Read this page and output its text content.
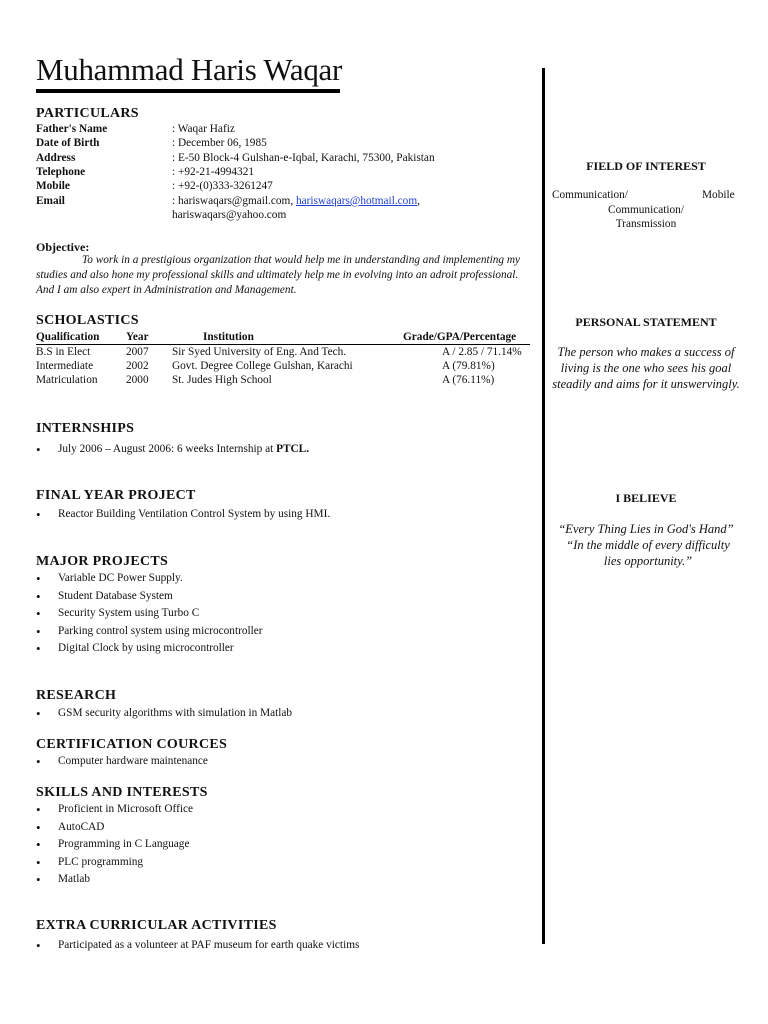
Muhammad Haris Waqar
PARTICULARS
Father's Name	: Waqar Hafiz
Date of Birth	: December 06, 1985
Address	: E-50 Block-4 Gulshan-e-Iqbal, Karachi, 75300, Pakistan
Telephone	: +92-21-4994321
Mobile	: +92-(0)333-3261247
Email	: hariswaqars@gmail.com, hariswaqars@hotmail.com,
hariswaqars@yahoo.com
Objective:
To work in a prestigious organization that would help me in understanding and implementing my studies and also hone my professional skills and ultimately help me in evolving into an adroit professional. And I am also expert in Administration and Management.
SCHOLASTICS
Qualification Year	Institution	Grade/GPA/Percentage
B.S in Elect	2007 Sir Syed University of Eng. And Tech.	A / 2.85 / 71.14%
Intermediate	2002 Govt. Degree College Gulshan, Karachi	A (79.81%)
Matriculation	2000 St. Judes High School	A (76.11%)
INTERNSHIPS
• July 2006 – August 2006: 6 weeks Internship at PTCL.
FINAL YEAR PROJECT
• Reactor Building Ventilation Control System by using HMI.
MAJOR PROJECTS
• Variable DC Power Supply.
• Student Database System
• Security System using Turbo C
• Parking control system using microcontroller
• Digital Clock by using microcontroller
RESEARCH
• GSM security algorithms with simulation in Matlab
CERTIFICATION COURCES
• Computer hardware maintenance
SKILLS AND INTERESTS
• Proficient in Microsoft Office
• AutoCAD
• Programming in C Language
• PLC programming
• Matlab
EXTRA CURRICULAR ACTIVITIES
• Participated as a volunteer at PAF museum for earth quake victims
FIELD OF INTEREST
Communication/	Mobile
Communication/
Transmission
PERSONAL STATEMENT
The person who makes a success of living is the one who sees his goal steadily and aims for it unswervingly.
I BELIEVE
“Every Thing Lies in God's Hand”
“In the middle of every difficulty lies opportunity.”
